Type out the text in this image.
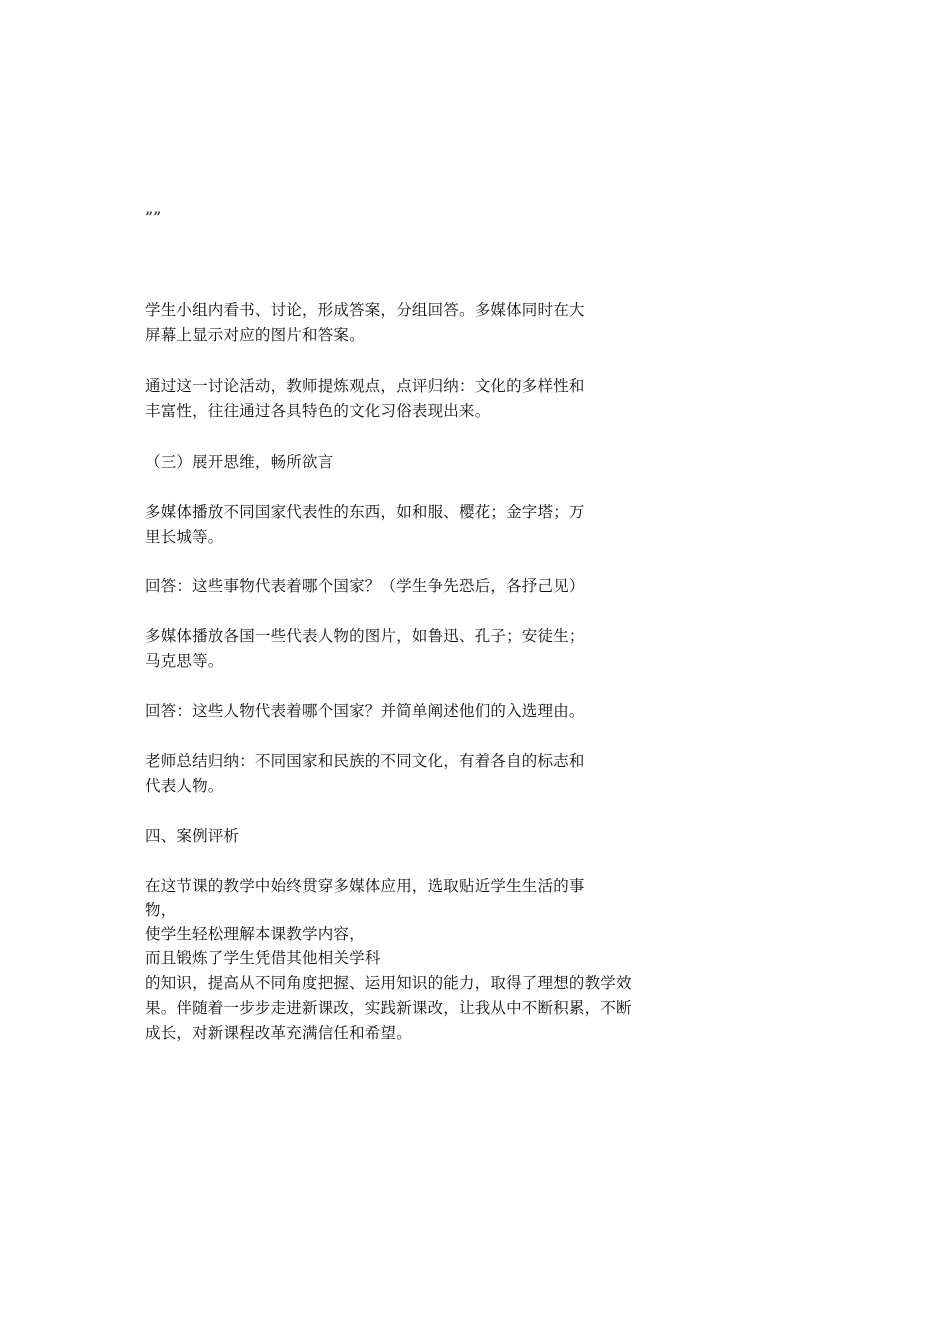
””
学生小组内看书、讨论，形成答案，分组回答。多媒体同时在大
屏幕上显示对应的图片和答案。
通过这一讨论活动，教师提炼观点，点评归纳：文化的多样性和
丰富性，往往通过各具特色的文化习俗表现出来。
（三）展开思维，畅所欲言
多媒体播放不同国家代表性的东西，如和服、樱花；金字塔；万
里长城等。
回答：这些事物代表着哪个国家？（学生争先恐后，各抒己见）
多媒体播放各国一些代表人物的图片，如鲁迅、孔子；安徒生；
马克思等。
回答：这些人物代表着哪个国家？并简单阐述他们的入选理由。
老师总结归纳：不同国家和民族的不同文化，有着各自的标志和
代表人物。
四、案例评析
在这节课的教学中始终贯穿多媒体应用，选取贴近学生生活的事
物，
使学生轻松理解本课教学内容，
而且锻炼了学生凭借其他相关学科
的知识，提高从不同角度把握、运用知识的能力，取得了理想的教学效
果。伴随着一步步走进新课改，实践新课改，让我从中不断积累，不断
成长，对新课程改革充满信任和希望。
